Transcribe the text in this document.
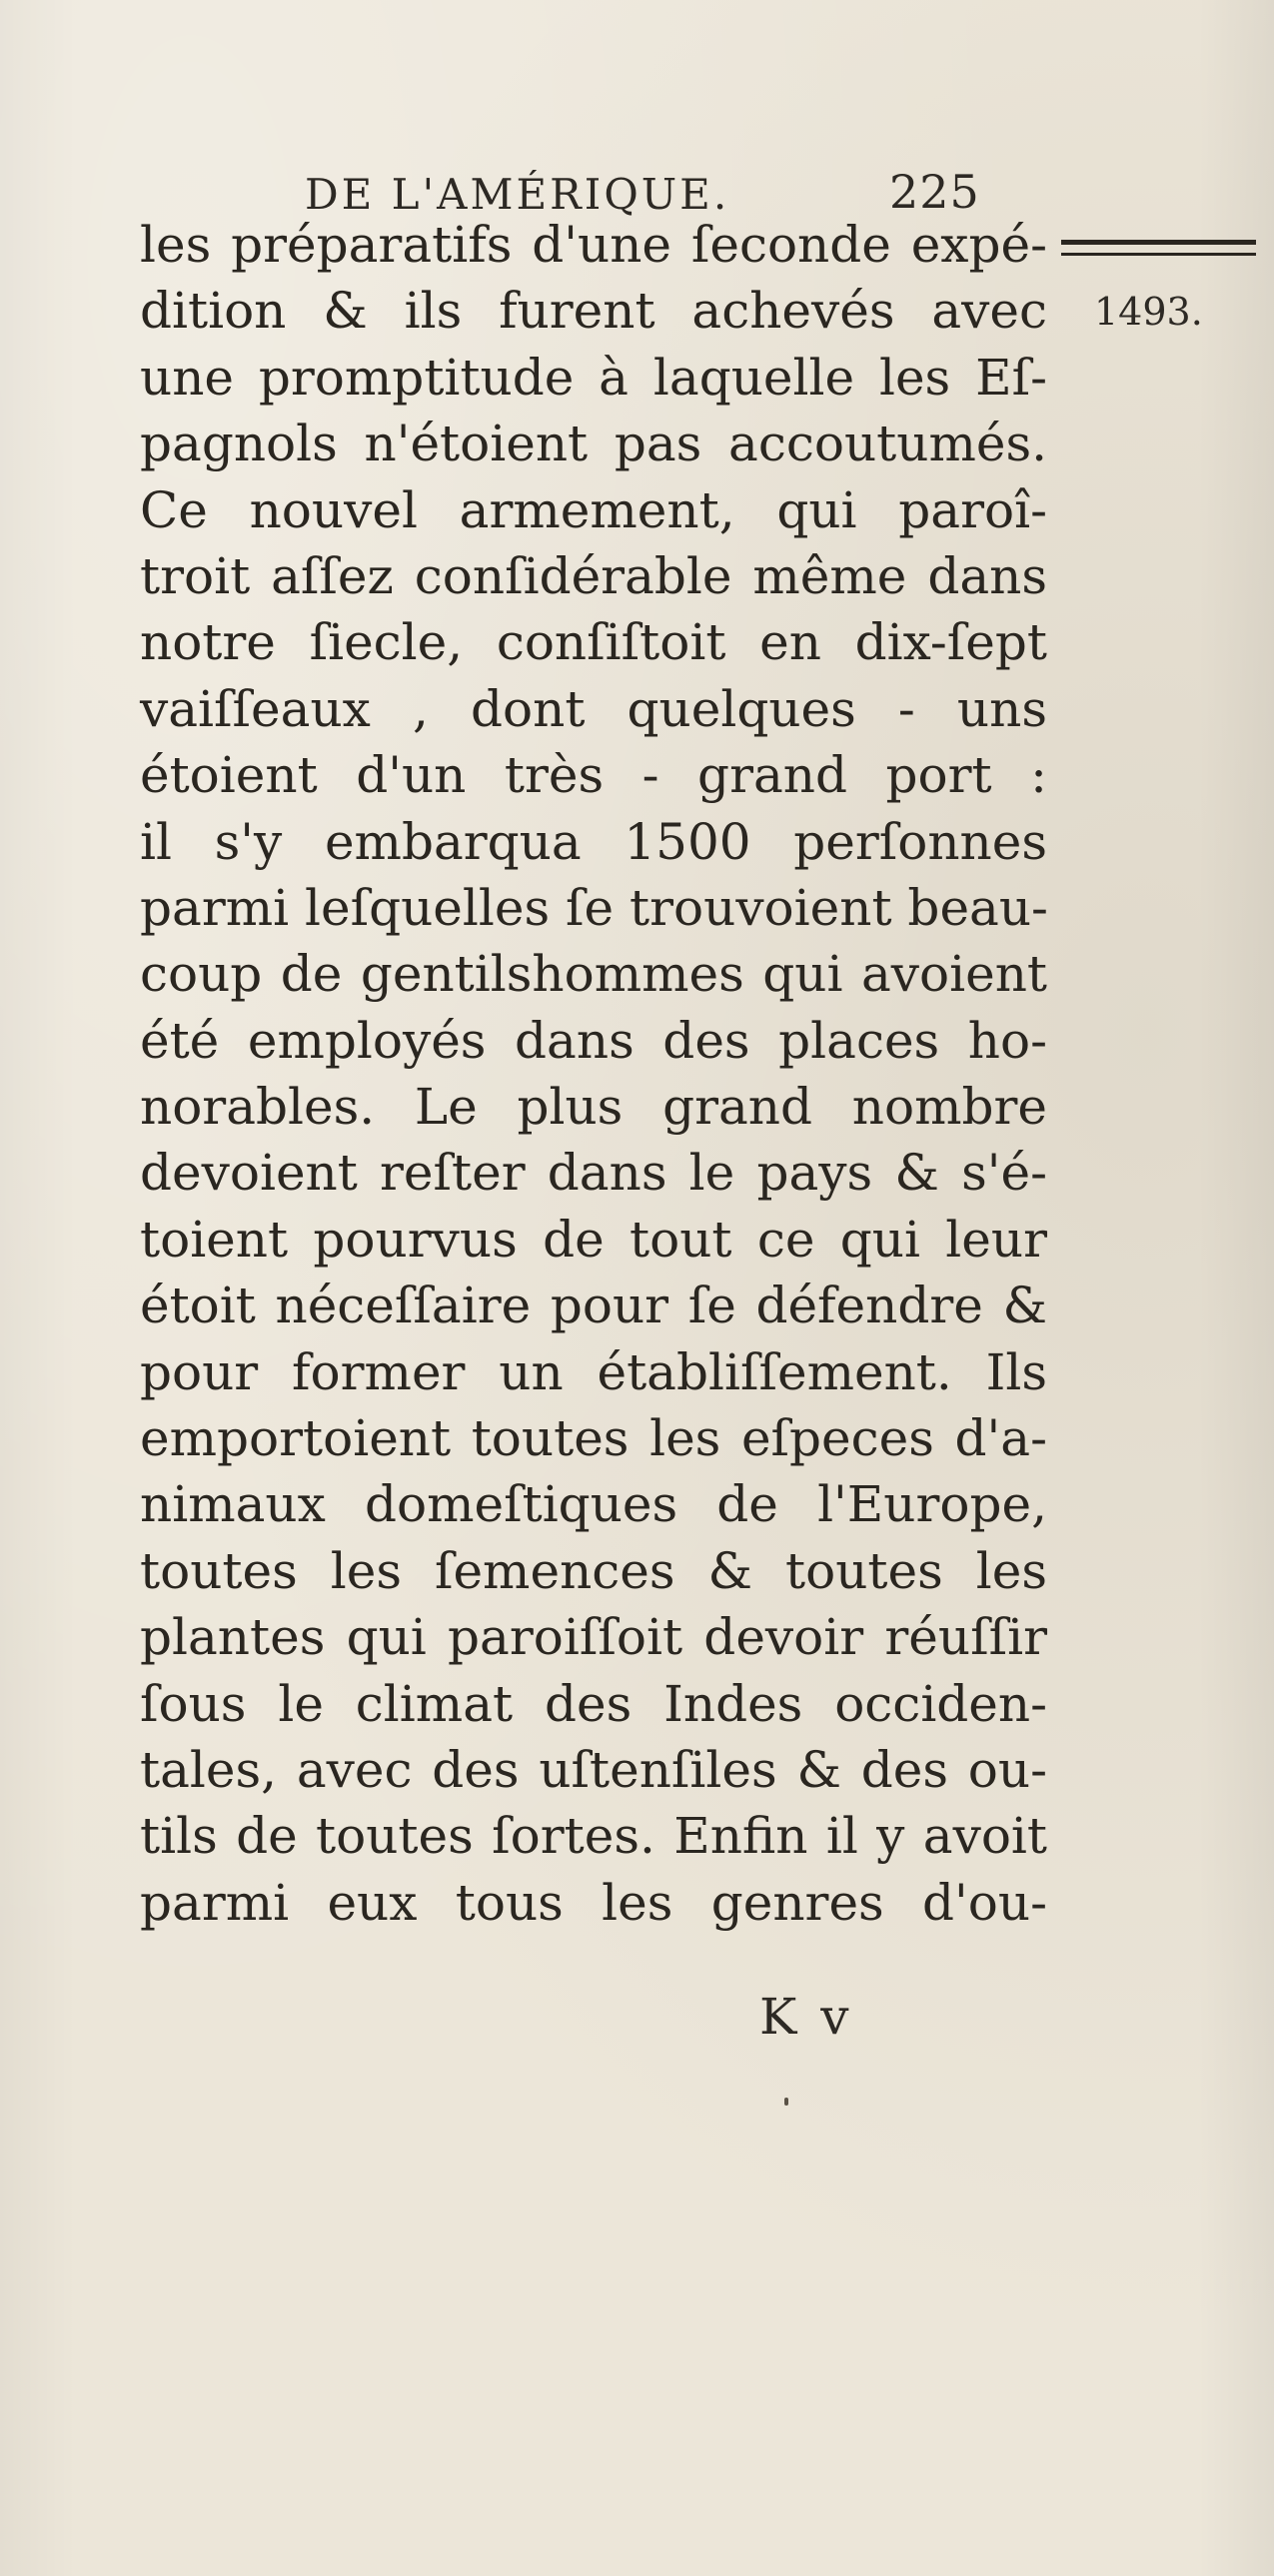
DE L'AMÉRIQUE.	225
1493.
les préparatifs d'une ſeconde expé-
dition & ils furent achevés avec
une promptitude à laquelle les Eſ-
pagnols n'étoient pas accoutumés.
Ce nouvel armement, qui paroî-
troit aſſez conſidérable même dans
notre ſiecle, conſiſtoit en dix-ſept
vaiſſeaux , dont quelques - uns
étoient d'un très - grand port :
il s'y embarqua 1500 perſonnes
parmi leſquelles ſe trouvoient beau-
coup de gentilshommes qui avoient
été employés dans des places ho-
norables. Le plus grand nombre
devoient reſter dans le pays & s'é-
toient pourvus de tout ce qui leur
étoit néceſſaire pour ſe défendre &
pour former un établiſſement. Ils
emportoient toutes les eſpeces d'a-
nimaux domeſtiques de l'Europe,
toutes les ſemences & toutes les
plantes qui paroiſſoit devoir réuſſir
ſous le climat des Indes occiden-
tales, avec des uſtenſiles & des ou-
tils de toutes ſortes. Enfin il y avoit
parmi eux tous les genres d'ou-
K v
